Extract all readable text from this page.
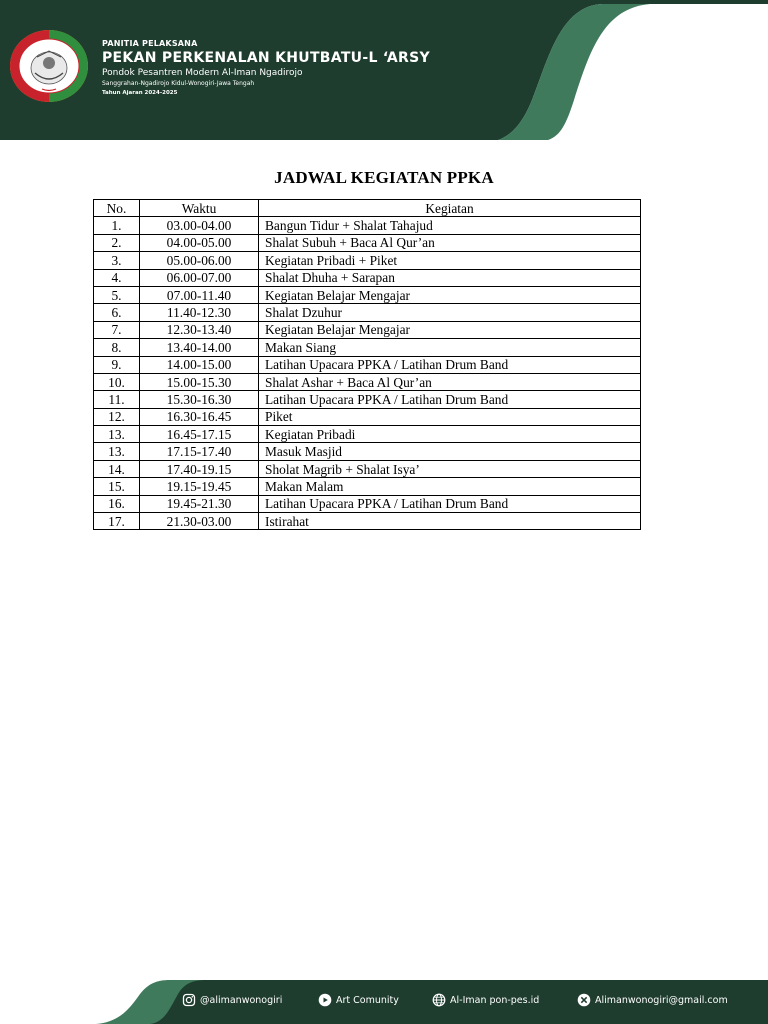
PANITIA PELAKSANA
PEKAN PERKENALAN KHUTBATU-L ‘ARSY
Pondok Pesantren Modern Al-Iman Ngadirojo
Sanggrahan-Ngadirojo Kidul-Wonogiri-Jawa Tengah
Tahun Ajaran 2024-2025
JADWAL KEGIATAN PPKA
No.	Waktu	Kegiatan
1.	03.00-04.00	Bangun Tidur + Shalat Tahajud
2.	04.00-05.00	Shalat Subuh + Baca Al Qur’an
3.	05.00-06.00	Kegiatan Pribadi + Piket
4.	06.00-07.00	Shalat Dhuha + Sarapan
5.	07.00-11.40	Kegiatan Belajar Mengajar
6.	11.40-12.30	Shalat Dzuhur
7.	12.30-13.40	Kegiatan Belajar Mengajar
8.	13.40-14.00	Makan Siang
9.	14.00-15.00	Latihan Upacara PPKA / Latihan Drum Band
10.	15.00-15.30	Shalat Ashar + Baca Al Qur’an
11.	15.30-16.30	Latihan Upacara PPKA / Latihan Drum Band
12.	16.30-16.45	Piket
13.	16.45-17.15	Kegiatan Pribadi
13.	17.15-17.40	Masuk Masjid
14.	17.40-19.15	Sholat Magrib + Shalat Isya’
15.	19.15-19.45	Makan Malam
16.	19.45-21.30	Latihan Upacara PPKA / Latihan Drum Band
17.	21.30-03.00	Istirahat
@alimanwonogiri	Art Comunity	Al-Iman pon-pes.id	Alimanwonogiri@gmail.com
